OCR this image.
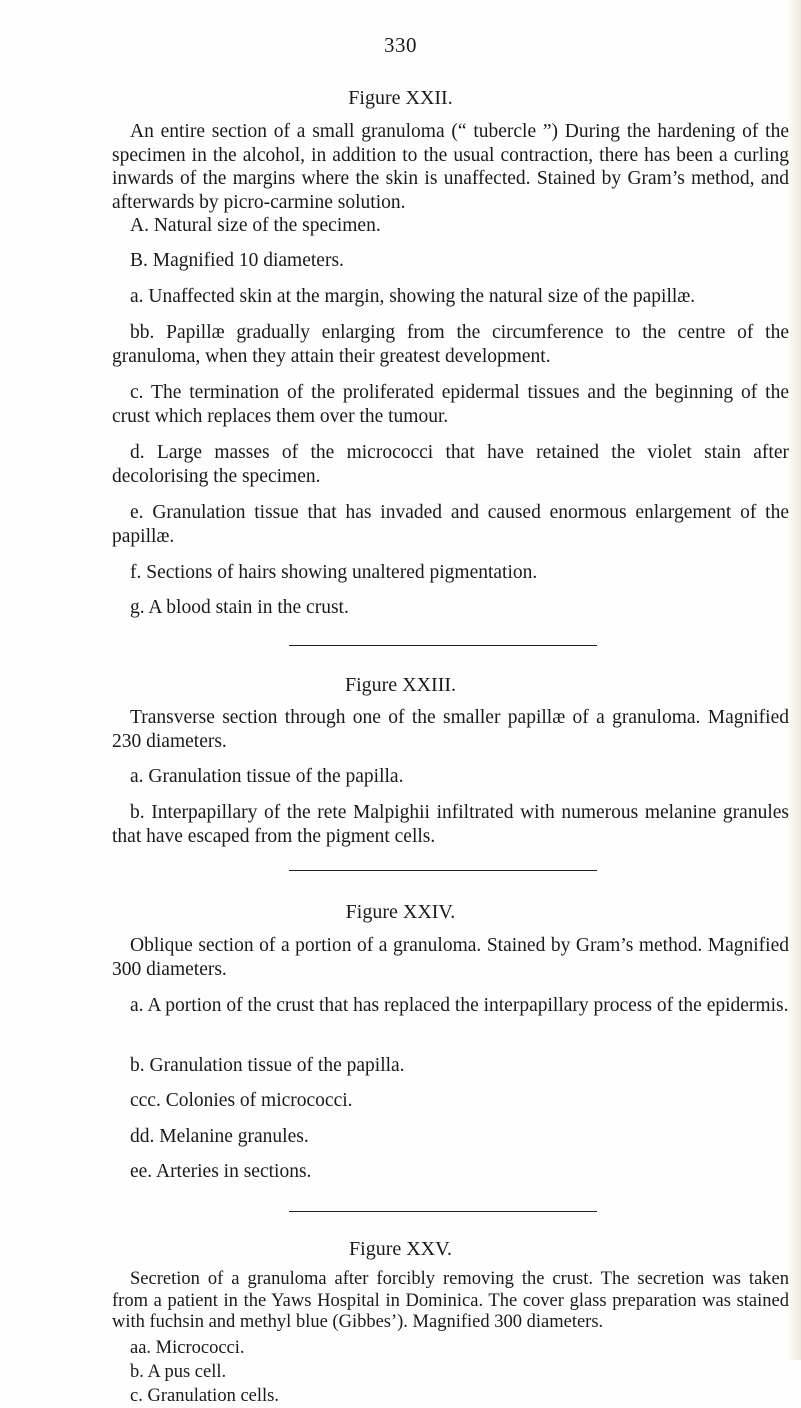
330
Figure XXII.
An entire section of a small granuloma (“ tubercle ”) During the hardening of the specimen in the alcohol, in addition to the usual contraction, there has been a curling inwards of the margins where the skin is unaffected. Stained by Gram’s method, and afterwards by picro-carmine solution.
A. Natural size of the specimen.
B. Magnified 10 diameters.
a. Unaffected skin at the margin, showing the natural size of the papillæ.
bb. Papillæ gradually enlarging from the circumference to the centre of the granuloma, when they attain their greatest development.
c. The termination of the proliferated epidermal tissues and the beginning of the crust which replaces them over the tumour.
d. Large masses of the micrococci that have retained the violet stain after decolorising the specimen.
e. Granulation tissue that has invaded and caused enormous enlargement of the papillæ.
f. Sections of hairs showing unaltered pigmentation.
g. A blood stain in the crust.
Figure XXIII.
Transverse section through one of the smaller papillæ of a granuloma. Magnified 230 diameters.
a. Granulation tissue of the papilla.
b. Interpapillary of the rete Malpighii infiltrated with numerous melanine granules that have escaped from the pigment cells.
Figure XXIV.
Oblique section of a portion of a granuloma. Stained by Gram’s method. Magnified 300 diameters.
a. A portion of the crust that has replaced the interpapillary process of the epidermis.
b. Granulation tissue of the papilla.
ccc. Colonies of micrococci.
dd. Melanine granules.
ee. Arteries in sections.
Figure XXV.
Secretion of a granuloma after forcibly removing the crust. The secretion was taken from a patient in the Yaws Hospital in Dominica. The cover glass preparation was stained with fuchsin and methyl blue (Gibbes’). Magnified 300 diameters.
aa. Micrococci.
b. A pus cell.
c. Granulation cells.
